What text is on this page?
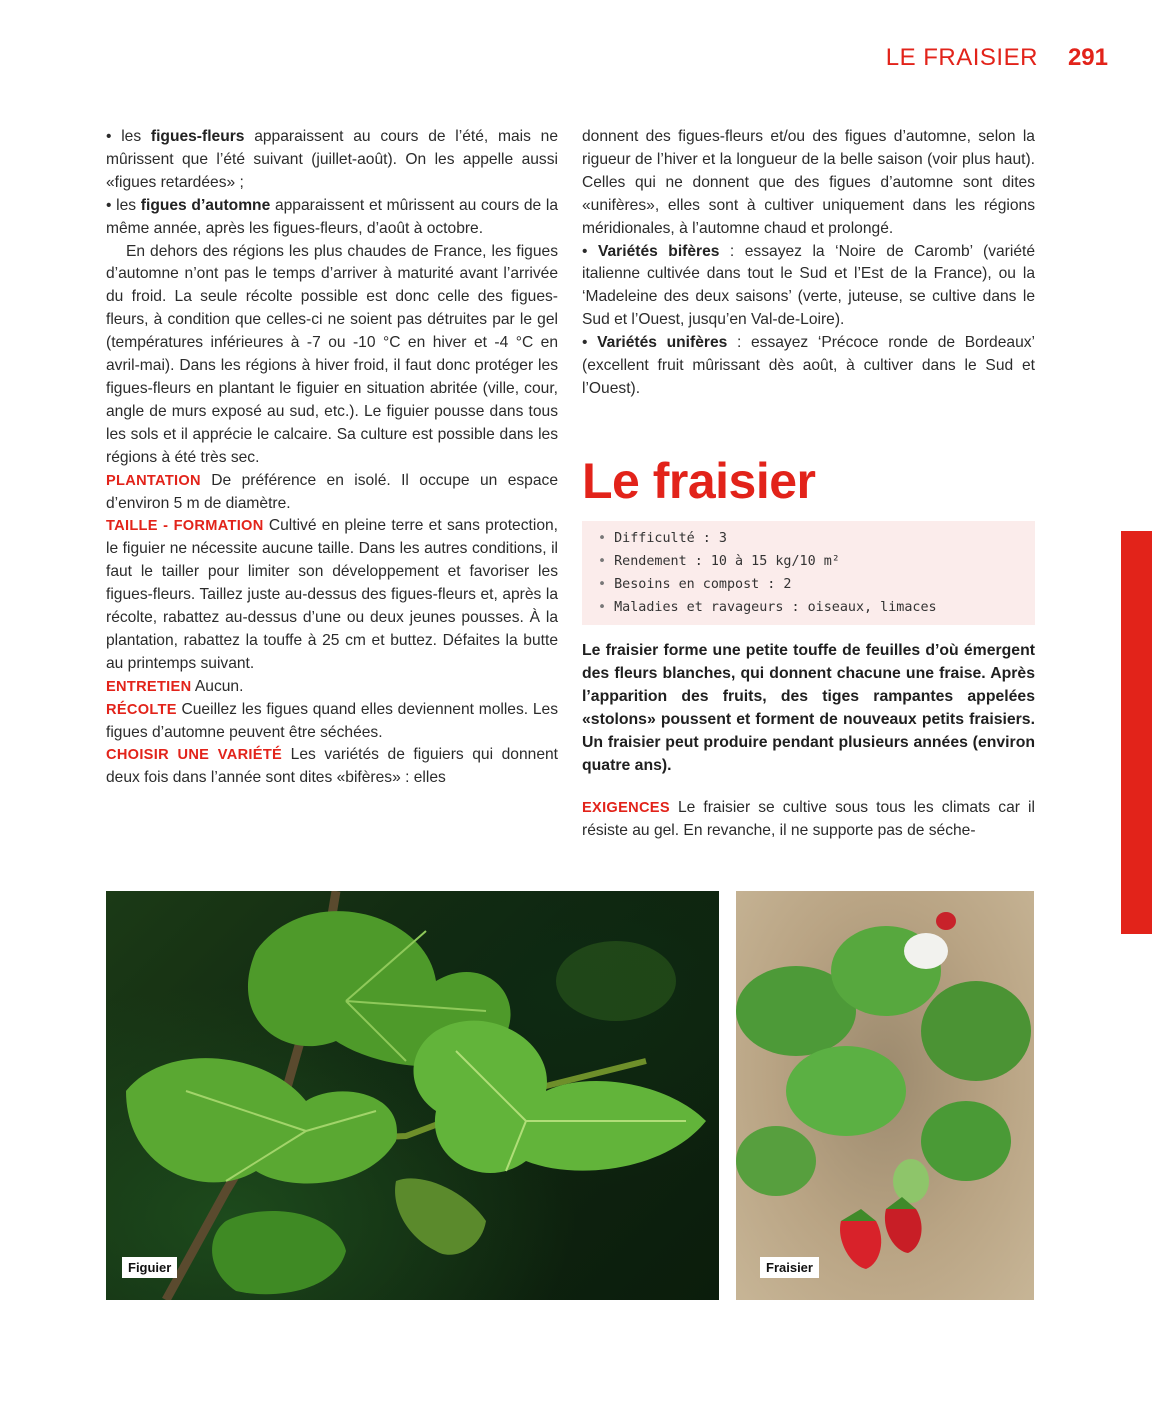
LE FRAISIER 291

• les figues-fleurs apparaissent au cours de l’été, mais ne mûrissent que l’été suivant (juillet-août). On les appelle aussi «figues retardées» ;

• les figues d’automne apparaissent et mûrissent au cours de la même année, après les figues-fleurs, d’août à octobre.

En dehors des régions les plus chaudes de France, les figues d’automne n’ont pas le temps d’arriver à maturité avant l’arrivée du froid. La seule récolte possible est donc celle des figues-fleurs, à condition que celles-ci ne soient pas détruites par le gel (températures inférieures à -7 ou -10 °C en hiver et -4 °C en avril-mai). Dans les régions à hiver froid, il faut donc protéger les figues-fleurs en plantant le figuier en situation abritée (ville, cour, angle de murs exposé au sud, etc.). Le figuier pousse dans tous les sols et il apprécie le calcaire. Sa culture est possible dans les régions à été très sec.

PLANTATION De préférence en isolé. Il occupe un espace d’environ 5 m de diamètre.

TAILLE - FORMATION Cultivé en pleine terre et sans protection, le figuier ne nécessite aucune taille. Dans les autres conditions, il faut le tailler pour limiter son développement et favoriser les figues-fleurs. Taillez juste au-dessus des figues-fleurs et, après la récolte, rabattez au-dessus d’une ou deux jeunes pousses. À la plantation, rabattez la touffe à 25 cm et buttez. Défaites la butte au printemps suivant.

ENTRETIEN Aucun.

RÉCOLTE Cueillez les figues quand elles deviennent molles. Les figues d’automne peuvent être séchées.

CHOISIR UNE VARIÉTÉ Les variétés de figuiers qui donnent deux fois dans l’année sont dites «bifères» : elles

donnent des figues-fleurs et/ou des figues d’automne, selon la rigueur de l’hiver et la longueur de la belle saison (voir plus haut). Celles qui ne donnent que des figues d’automne sont dites «unifères», elles sont à cultiver uniquement dans les régions méridionales, à l’automne chaud et prolongé.

• Variétés bifères : essayez la ‘Noire de Caromb’ (variété italienne cultivée dans tout le Sud et l’Est de la France), ou la ‘Madeleine des deux saisons’ (verte, juteuse, se cultive dans le Sud et l’Ouest, jusqu’en Val-de-Loire).

• Variétés unifères : essayez ‘Précoce ronde de Bordeaux’ (excellent fruit mûrissant dès août, à cultiver dans le Sud et l’Ouest).

Le fraisier
• Difficulté : 3
• Rendement : 10 à 15 kg/10 m²
• Besoins en compost : 2
• Maladies et ravageurs : oiseaux, limaces

Le fraisier forme une petite touffe de feuilles d’où émergent des fleurs blanches, qui donnent chacune une fraise. Après l’apparition des fruits, des tiges rampantes appelées «stolons» poussent et forment de nouveaux petits fraisiers. Un fraisier peut produire pendant plusieurs années (environ quatre ans).

EXIGENCES Le fraisier se cultive sous tous les climats car il résiste au gel. En revanche, il ne supporte pas de séche-

Figuier	Fraisier
